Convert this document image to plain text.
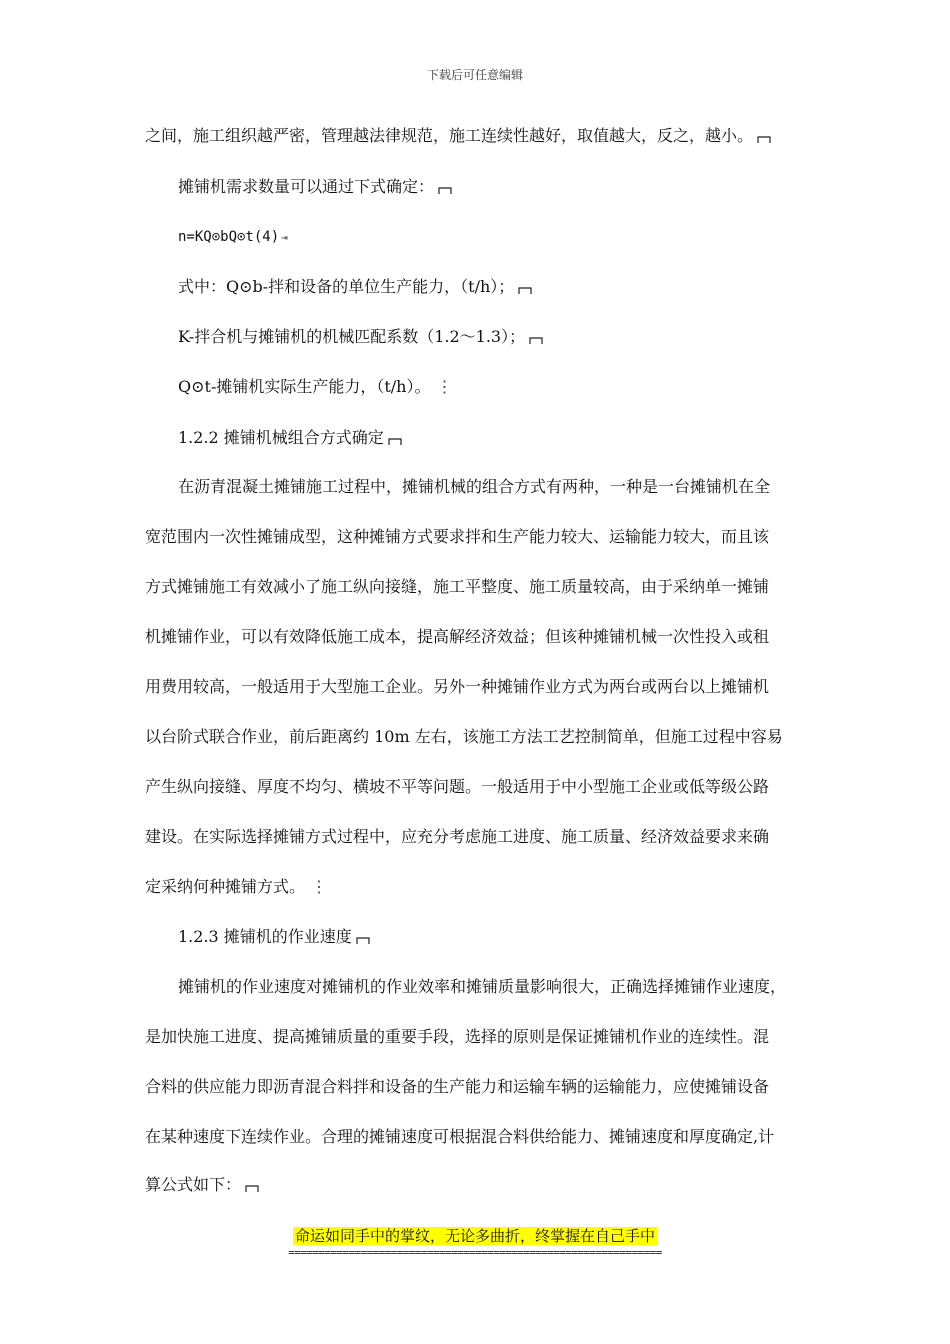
下载后可任意编辑
之间，施工组织越严密，管理越法律规范，施工连续性越好，取值越大，反之，越小。
摊铺机需求数量可以通过下式确定：
n=KQ⊙bQ⊙t(4) ⇥
式中：Q⊙b-拌和设备的单位生产能力，（t/h）；
K-拌合机与摊铺机的机械匹配系数（1.2～1.3）；
Q⊙t-摊铺机实际生产能力，（t/h）。 ⋮
1.2.2 摊铺机械组合方式确定
在沥青混凝土摊铺施工过程中，摊铺机械的组合方式有两种，一种是一台摊铺机在全
宽范围内一次性摊铺成型，这种摊铺方式要求拌和生产能力较大、运输能力较大，而且该
方式摊铺施工有效减小了施工纵向接缝，施工平整度、施工质量较高，由于采纳单一摊铺
机摊铺作业，可以有效降低施工成本，提高解经济效益；但该种摊铺机械一次性投入或租
用费用较高，一般适用于大型施工企业。另外一种摊铺作业方式为两台或两台以上摊铺机
以台阶式联合作业，前后距离约 10m 左右，该施工方法工艺控制简单，但施工过程中容易
产生纵向接缝、厚度不均匀、横坡不平等问题。一般适用于中小型施工企业或低等级公路
建设。在实际选择摊铺方式过程中，应充分考虑施工进度、施工质量、经济效益要求来确
定采纳何种摊铺方式。 ⋮
1.2.3 摊铺机的作业速度
摊铺机的作业速度对摊铺机的作业效率和摊铺质量影响很大，正确选择摊铺作业速度，
是加快施工进度、提高摊铺质量的重要手段，选择的原则是保证摊铺机作业的连续性。混
合料的供应能力即沥青混合料拌和设备的生产能力和运输车辆的运输能力，应使摊铺设备
在某种速度下连续作业。合理的摊铺速度可根据混合料供给能力、摊铺速度和厚度确定,计
算公式如下：
命运如同手中的掌纹，无论多曲折，终掌握在自己手中
==============================================================
